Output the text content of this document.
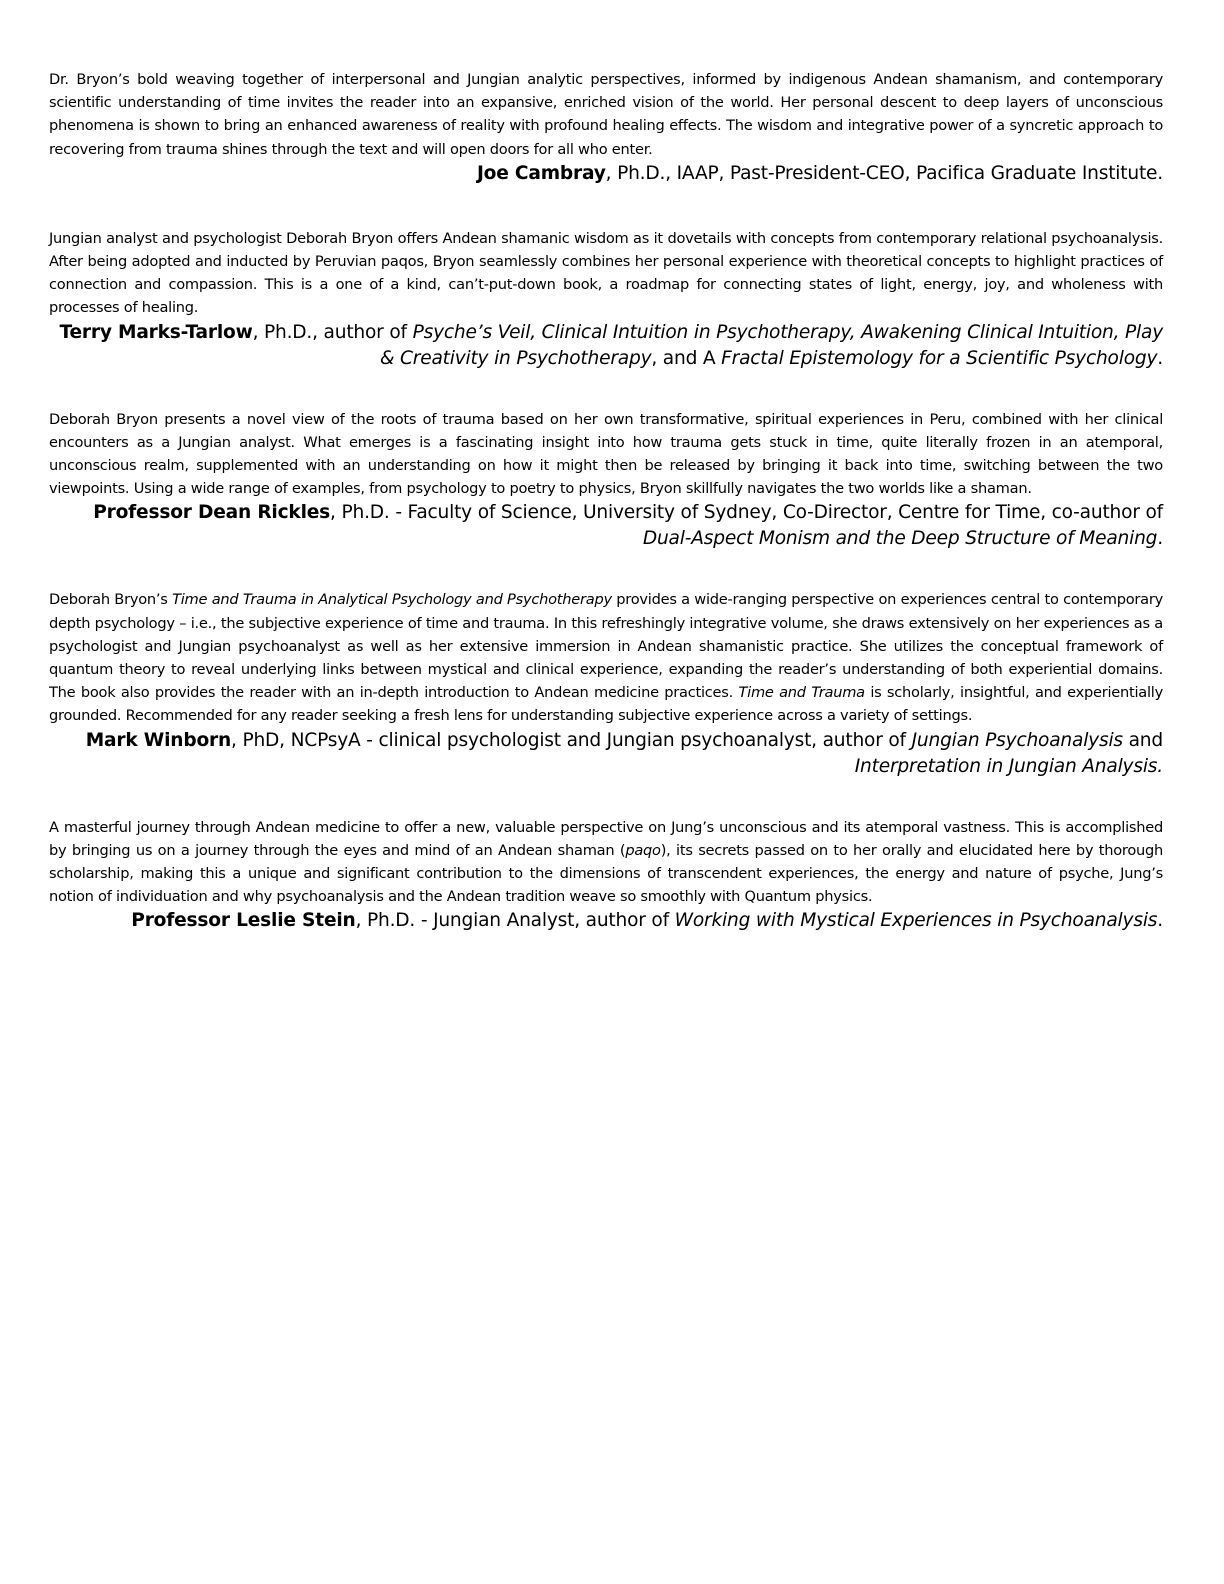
Dr. Bryon’s bold weaving together of interpersonal and Jungian analytic perspectives, informed by indigenous Andean shamanism, and contemporary scientific understanding of time invites the reader into an expansive, enriched vision of the world. Her personal descent to deep layers of unconscious phenomena is shown to bring an enhanced awareness of reality with profound healing effects. The wisdom and integrative power of a syncretic approach to recovering from trauma shines through the text and will open doors for all who enter.

Joe Cambray, Ph.D., IAAP, Past-President-CEO, Pacifica Graduate Institute.

Jungian analyst and psychologist Deborah Bryon offers Andean shamanic wisdom as it dovetails with concepts from contemporary relational psychoanalysis. After being adopted and inducted by Peruvian paqos, Bryon seamlessly combines her personal experience with theoretical concepts to highlight practices of connection and compassion. This is a one of a kind, can’t-put-down book, a roadmap for connecting states of light, energy, joy, and wholeness with processes of healing.

Terry Marks-Tarlow, Ph.D., author of Psyche’s Veil, Clinical Intuition in Psychotherapy, Awakening Clinical Intuition, Play & Creativity in Psychotherapy, and A Fractal Epistemology for a Scientific Psychology.

Deborah Bryon presents a novel view of the roots of trauma based on her own transformative, spiritual experiences in Peru, combined with her clinical encounters as a Jungian analyst. What emerges is a fascinating insight into how trauma gets stuck in time, quite literally frozen in an atemporal, unconscious realm, supplemented with an understanding on how it might then be released by bringing it back into time, switching between the two viewpoints. Using a wide range of examples, from psychology to poetry to physics, Bryon skillfully navigates the two worlds like a shaman.

Professor Dean Rickles, Ph.D. - Faculty of Science, University of Sydney, Co-Director, Centre for Time, co-author of Dual-Aspect Monism and the Deep Structure of Meaning.

Deborah Bryon’s Time and Trauma in Analytical Psychology and Psychotherapy provides a wide-ranging perspective on experiences central to contemporary depth psychology – i.e., the subjective experience of time and trauma. In this refreshingly integrative volume, she draws extensively on her experiences as a psychologist and Jungian psychoanalyst as well as her extensive immersion in Andean shamanistic practice. She utilizes the conceptual framework of quantum theory to reveal underlying links between mystical and clinical experience, expanding the reader’s understanding of both experiential domains. The book also provides the reader with an in-depth introduction to Andean medicine practices. Time and Trauma is scholarly, insightful, and experientially grounded. Recommended for any reader seeking a fresh lens for understanding subjective experience across a variety of settings.

Mark Winborn, PhD, NCPsyA - clinical psychologist and Jungian psychoanalyst, author of Jungian Psychoanalysis and Interpretation in Jungian Analysis.

A masterful journey through Andean medicine to offer a new, valuable perspective on Jung’s unconscious and its atemporal vastness. This is accomplished by bringing us on a journey through the eyes and mind of an Andean shaman (paqo), its secrets passed on to her orally and elucidated here by thorough scholarship, making this a unique and significant contribution to the dimensions of transcendent experiences, the energy and nature of psyche, Jung’s notion of individuation and why psychoanalysis and the Andean tradition weave so smoothly with Quantum physics.

Professor Leslie Stein, Ph.D. - Jungian Analyst, author of Working with Mystical Experiences in Psychoanalysis.
